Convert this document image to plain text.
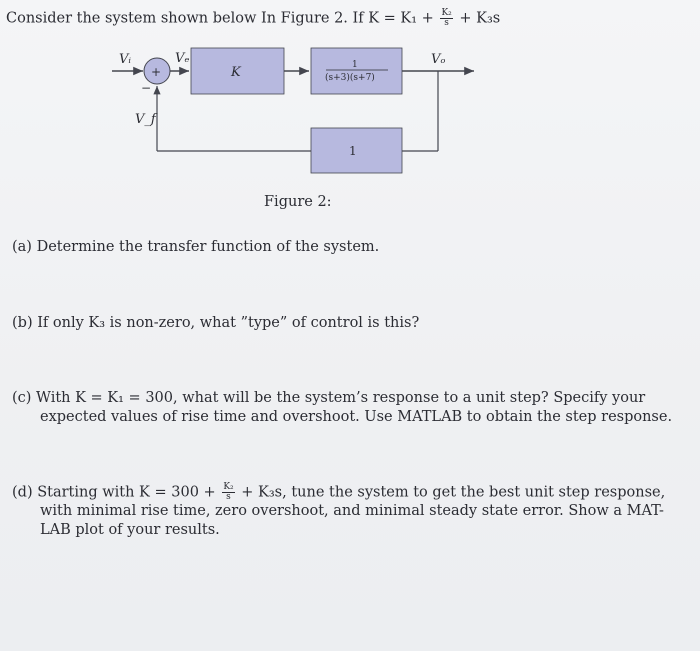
Consider the system shown below In Figure 2. If $K = K_1 + \frac{\text{K₂}}{s} + K_3s$
+
−
K	1
(s+3)(s+7)
1
Vᵢ	Vₑ	Vₒ
V_f
Figure 2:
(a) Determine the transfer function of the system.
(b) If only K₃ is non-zero, what ”type” of control is this?
(c) With K = K₁ = 300, what will be the system’s response to a unit step? Specify your
expected values of rise time and overshoot. Use MATLAB to obtain the step response.
(d) Starting with $K = 300 + \frac{\text{K₂}}{s} + K_3s$, tune the system to get the best unit step response,
with minimal rise time, zero overshoot, and minimal steady state error. Show a MAT-
LAB plot of your results.
